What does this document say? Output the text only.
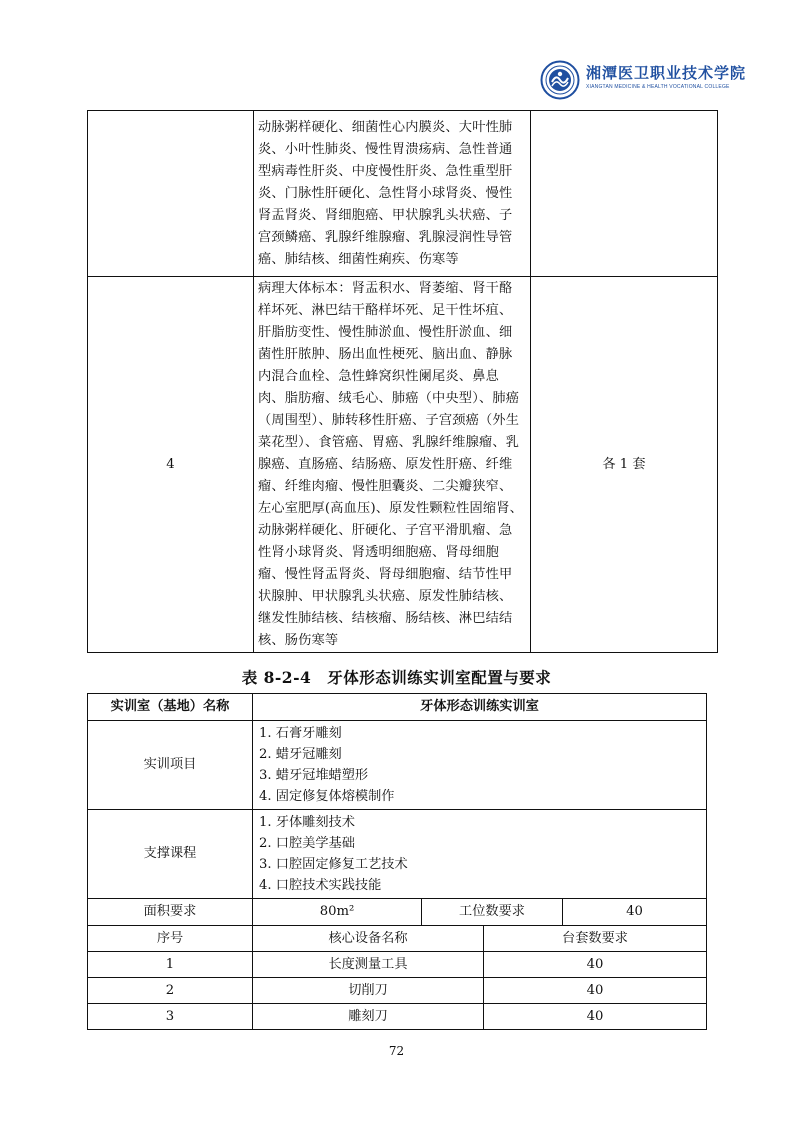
湘潭医卫职业技术学院
XIANGTAN MEDICINE & HEALTH VOCATIONAL COLLEGE
	动脉粥样硬化、细菌性心内膜炎、大叶性肺炎、小叶性肺炎、慢性胃溃疡病、急性普通型病毒性肝炎、中度慢性肝炎、急性重型肝炎、门脉性肝硬化、急性肾小球肾炎、慢性肾盂肾炎、肾细胞癌、甲状腺乳头状癌、子宫颈鳞癌、乳腺纤维腺瘤、乳腺浸润性导管癌、肺结核、细菌性痢疾、伤寒等	
4	病理大体标本：肾盂积水、肾萎缩、肾干酪样坏死、淋巴结干酪样坏死、足干性坏疽、肝脂肪变性、慢性肺淤血、慢性肝淤血、细菌性肝脓肿、肠出血性梗死、脑出血、静脉内混合血栓、急性蜂窝织性阑尾炎、鼻息肉、脂肪瘤、绒毛心、肺癌（中央型）、肺癌（周围型）、肺转移性肝癌、子宫颈癌（外生菜花型）、食管癌、胃癌、乳腺纤维腺瘤、乳腺癌、直肠癌、结肠癌、原发性肝癌、纤维瘤、纤维肉瘤、慢性胆囊炎、二尖瓣狭窄、左心室肥厚(高血压)、原发性颗粒性固缩肾、动脉粥样硬化、肝硬化、子宫平滑肌瘤、急性肾小球肾炎、肾透明细胞癌、肾母细胞瘤、慢性肾盂肾炎、肾母细胞瘤、结节性甲状腺肿、甲状腺乳头状癌、原发性肺结核、继发性肺结核、结核瘤、肠结核、淋巴结结核、肠伤寒等	各 1 套
表 8-2-4　牙体形态训练实训室配置与要求
实训室（基地）名称	牙体形态训练实训室		
实训项目	1. 石膏牙雕刻
2. 蜡牙冠雕刻
3. 蜡牙冠堆蜡塑形
4. 固定修复体熔模制作		

支撑课程	1. 牙体雕刻技术
2. 口腔美学基础
3. 口腔固定修复工艺技术
4. 口腔技术实践技能		

面积要求	80m²	工位数要求 40	

序号	核心设备名称		台套数要求
1	长度测量工具		40
2	切削刀		40
3	雕刻刀		40
72
